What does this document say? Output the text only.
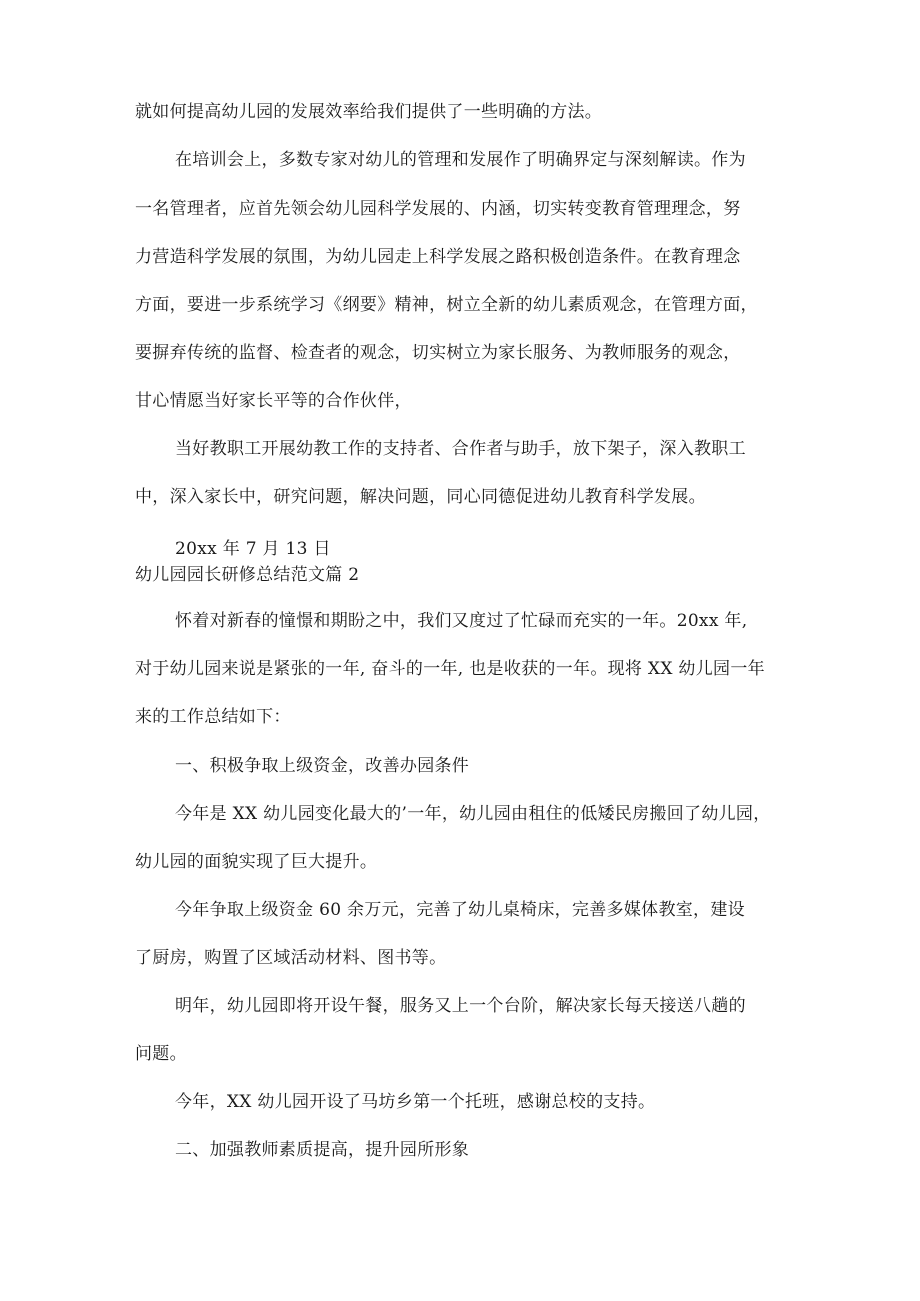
就如何提高幼儿园的发展效率给我们提供了一些明确的方法。
在培训会上，多数专家对幼儿的管理和发展作了明确界定与深刻解读。作为
一名管理者，应首先领会幼儿园科学发展的、内涵，切实转变教育管理理念，努
力营造科学发展的氛围，为幼儿园走上科学发展之路积极创造条件。在教育理念
方面，要进一步系统学习《纲要》精神，树立全新的幼儿素质观念，在管理方面，
要摒弃传统的监督、检查者的观念，切实树立为家长服务、为教师服务的观念，
甘心情愿当好家长平等的合作伙伴，
当好教职工开展幼教工作的支持者、合作者与助手，放下架子，深入教职工
中，深入家长中，研究问题，解决问题，同心同德促进幼儿教育科学发展。
20xx 年 7 月 13 日
幼儿园园长研修总结范文篇 2
怀着对新春的憧憬和期盼之中，我们又度过了忙碌而充实的一年。20xx 年,
对于幼儿园来说是紧张的一年, 奋斗的一年, 也是收获的一年。现将 XX 幼儿园一年
来的工作总结如下：
一、积极争取上级资金，改善办园条件
今年是 XX 幼儿园变化最大的’一年，幼儿园由租住的低矮民房搬回了幼儿园，
幼儿园的面貌实现了巨大提升。
今年争取上级资金 60 余万元，完善了幼儿桌椅床，完善多媒体教室，建设
了厨房，购置了区域活动材料、图书等。
明年，幼儿园即将开设午餐，服务又上一个台阶，解决家长每天接送八趟的
问题。
今年，XX 幼儿园开设了马坊乡第一个托班，感谢总校的支持。
二、加强教师素质提高，提升园所形象
